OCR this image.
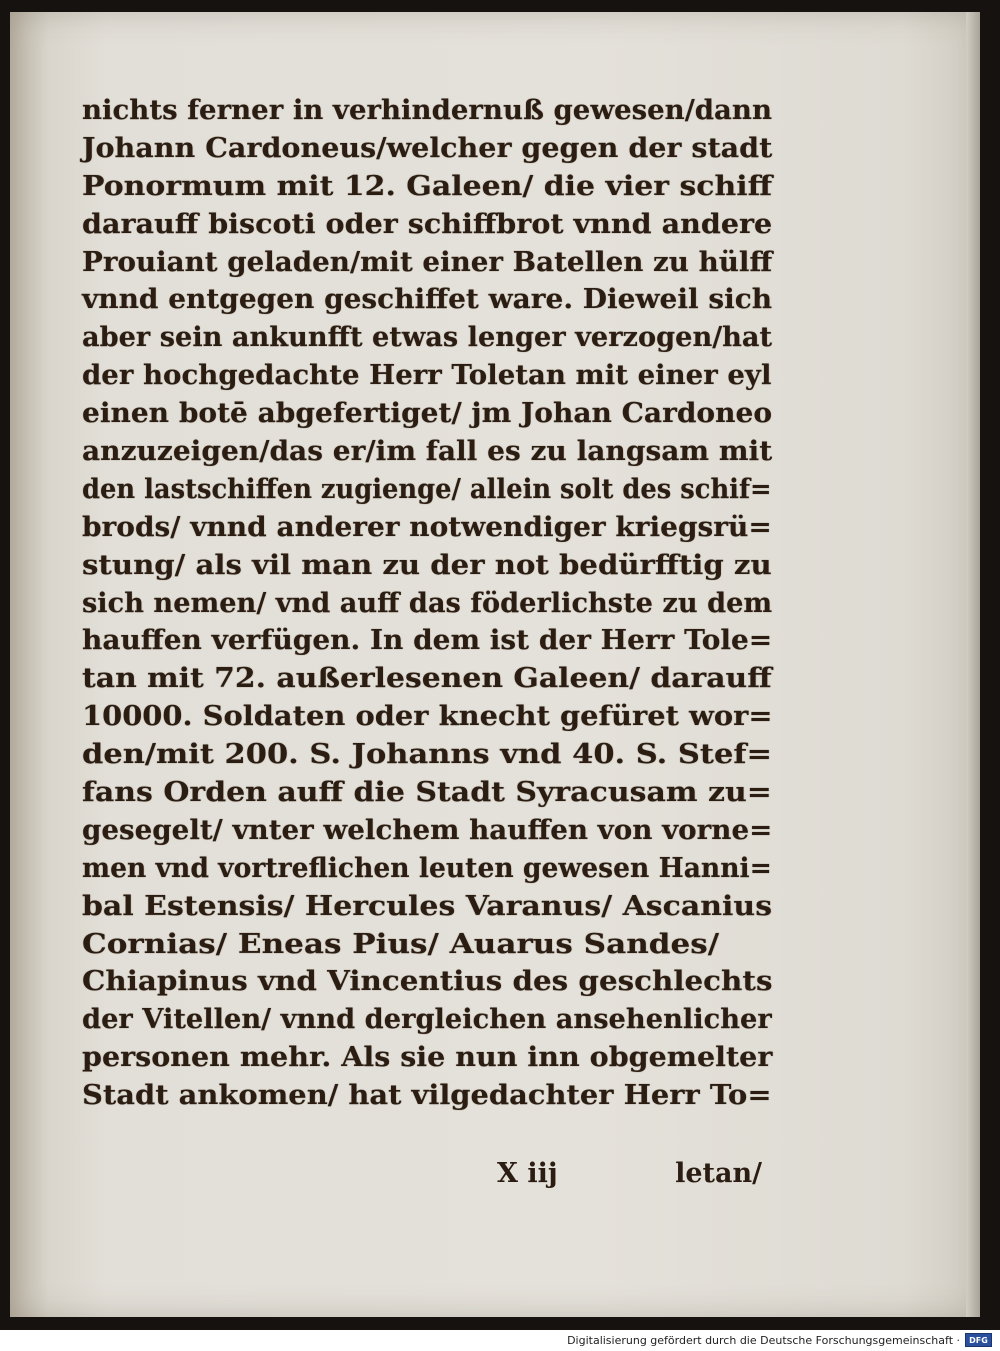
nichts ferner in verhindernuß gewesen/dann
Johann Cardoneus/welcher gegen der stadt
Ponormum mit 12. Galeen/ die vier schiff
darauff biscoti oder schiffbrot vnnd andere
Prouiant geladen/mit einer Batellen zu hülff
vnnd entgegen geschiffet ware. Dieweil sich
aber sein ankunfft etwas lenger verzogen/hat
der hochgedachte Herr Toletan mit einer eyl
einen botē abgefertiget/ jm Johan Cardoneo
anzuzeigen/das er/im fall es zu langsam mit
den lastschiffen zugienge/ allein solt des schif=
brods/ vnnd anderer notwendiger kriegsrü=
stung/ als vil man zu der not bedürfftig zu
sich nemen/ vnd auff das föderlichste zu dem
hauffen verfügen. In dem ist der Herr Tole=
tan mit 72. außerlesenen Galeen/ darauff
10000. Soldaten oder knecht gefüret wor=
den/mit 200. S. Johanns vnd 40. S. Stef=
fans Orden auff die Stadt Syracusam zu=
gesegelt/ vnter welchem hauffen von vorne=
men vnd vortreflichen leuten gewesen Hanni=
bal Estensis/ Hercules Varanus/ Ascanius
Cornias/ Eneas Pius/ Auarus Sandes/
Chiapinus vnd Vincentius des geschlechts
der Vitellen/ vnnd dergleichen ansehenlicher
personen mehr. Als sie nun inn obgemelter
Stadt ankomen/ hat vilgedachter Herr To=
X iij	letan/
Digitalisierung gefördert durch die Deutsche Forschungsgemeinschaft ·	DFG
